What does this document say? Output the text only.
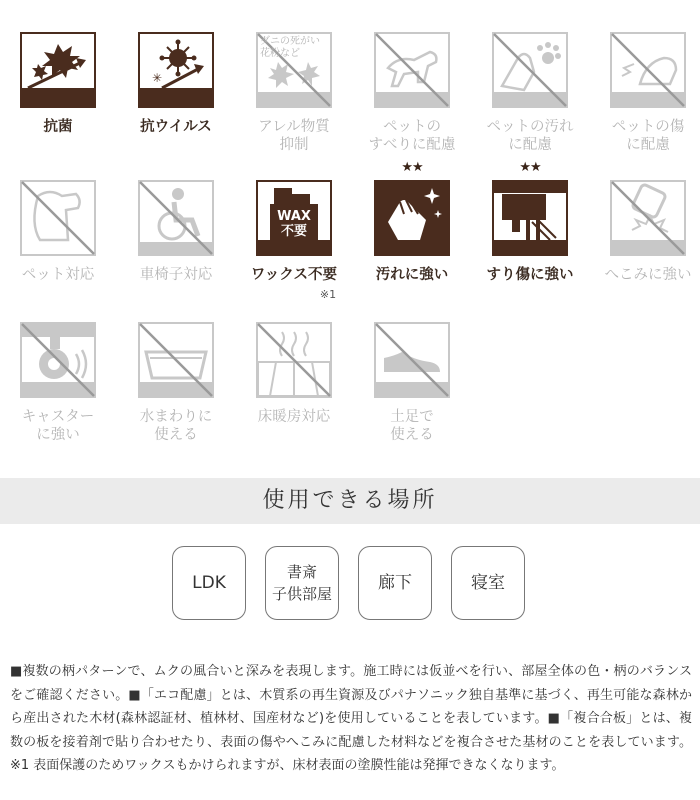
抗菌
✳
抗ウイルス
ダニの死がい
花粉など
アレル物質
抑制
ペットの
すべりに配慮
ペットの汚れ
に配慮
ペットの傷
に配慮
ペット対応	車椅子対応
WAX
不要
ワックス不要
※1
★★
汚れに強い
★★
すり傷に強い	へこみに強い
キャスター
に強い
水まわりに
使える
床暖房対応	土足で
使える
使用できる場所
LDK
書斎
子供部屋
廊下	寝室
■複数の柄パターンで、ムクの風合いと深みを表現します。施工時には仮並べを行い、部屋全体の色・柄のバランスをご確認ください。■「エコ配慮」とは、木質系の再生資源及びパナソニック独自基準に基づく、再生可能な森林から産出された木材(森林認証材、植林材、国産材など)を使用していることを表しています。■「複合合板」とは、複数の板を接着剤で貼り合わせたり、表面の傷やへこみに配慮した材料などを複合させた基材のことを表しています。※1 表面保護のためワックスもかけられますが、床材表面の塗膜性能は発揮できなくなります。
